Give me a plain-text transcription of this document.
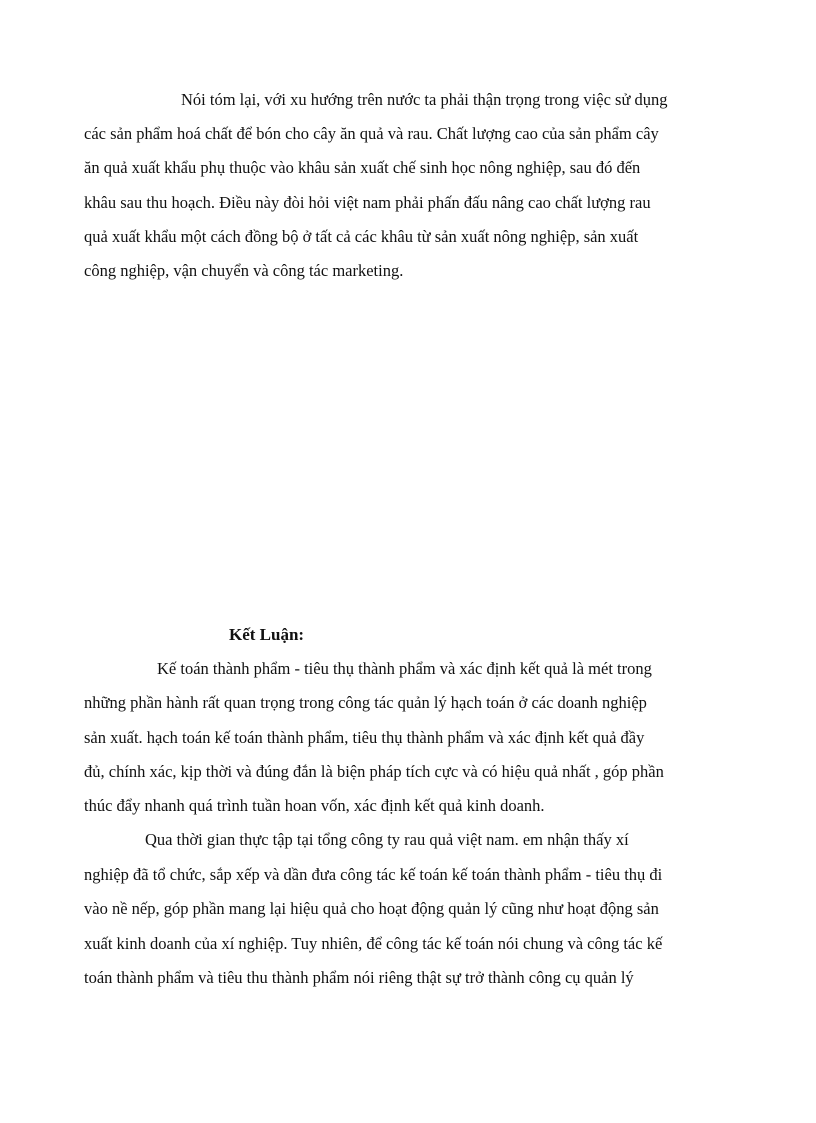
Nói tóm lại, với xu hướng trên nước ta phải thận trọng trong việc sử dụng
các sản phẩm hoá chất để bón cho cây ăn quả và rau. Chất lượng cao của sản phẩm cây
ăn quả xuất khẩu phụ thuộc vào khâu sản xuất chế sinh học nông nghiệp, sau đó đến
khâu sau thu hoạch. Điều này đòi hỏi việt nam phải phấn đấu nâng cao chất lượng rau
quả xuất khẩu một cách đồng bộ ở tất cả các khâu từ sản xuất nông nghiệp, sản xuất
công nghiệp, vận chuyển và công tác marketing.
Kết Luận:
Kế toán thành phẩm - tiêu thụ thành phẩm và xác định kết quả là mét trong
những phần hành rất quan trọng trong công tác quản lý hạch toán ở các doanh nghiệp
sản xuất. hạch toán kế toán thành phẩm, tiêu thụ thành phẩm và xác định kết quả đầy
đủ, chính xác, kịp thời và đúng đắn là biện pháp tích cực và có hiệu quả nhất , góp phần
thúc đẩy nhanh quá trình tuần hoan vốn, xác định kết quả kinh doanh.
Qua thời gian thực tập tại tổng công ty rau quả việt nam. em nhận thấy xí
nghiệp đã tổ chức, sắp xếp và dần đưa công tác kế toán kế toán thành phẩm - tiêu thụ đi
vào nề nếp, góp phần mang lại hiệu quả cho hoạt động quản lý cũng như hoạt động sản
xuất kinh doanh của xí nghiệp. Tuy nhiên, để công tác kế toán nói chung và công tác kế
toán thành phẩm và tiêu thu thành phẩm nói riêng thật sự trở thành công cụ quản lý
